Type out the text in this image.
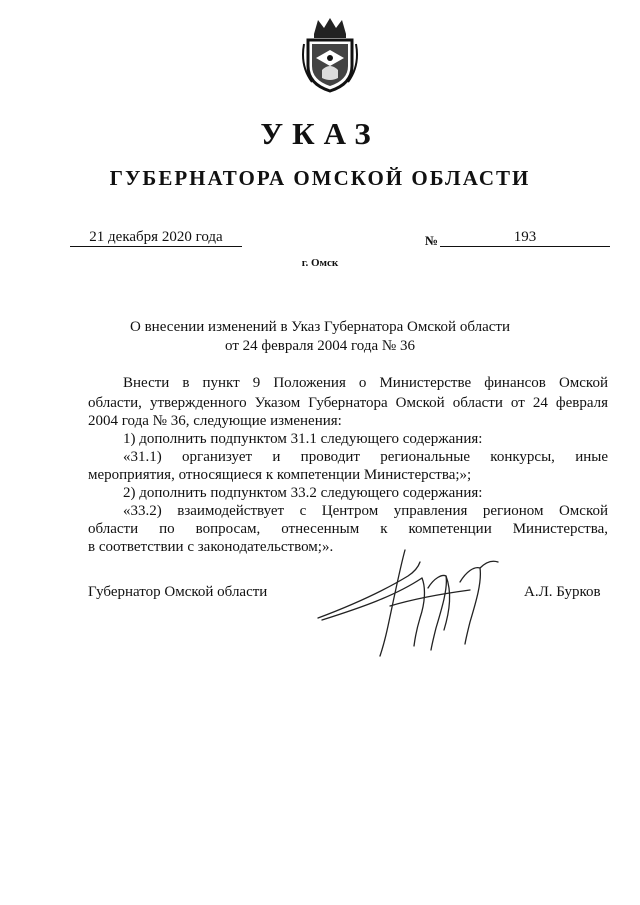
УКАЗ
ГУБЕРНАТОРА ОМСКОЙ ОБЛАСТИ
21 декабря 2020 года	№	193
г. Омск
О внесении изменений в Указ Губернатора Омской области
от 24 февраля 2004 года № 36
Внести в пункт 9 Положения о Министерстве финансов Омской
области, утвержденного Указом Губернатора Омской области от 24 февраля
2004 года № 36, следующие изменения:
1) дополнить подпунктом 31.1 следующего содержания:
«31.1) организует и проводит региональные конкурсы, иные
мероприятия, относящиеся к компетенции Министерства;»;
2) дополнить подпунктом 33.2 следующего содержания:
«33.2) взаимодействует с Центром управления регионом Омской
области по вопросам, отнесенным к компетенции Министерства,
в соответствии с законодательством;».
Губернатор Омской области	А.Л. Бурков
